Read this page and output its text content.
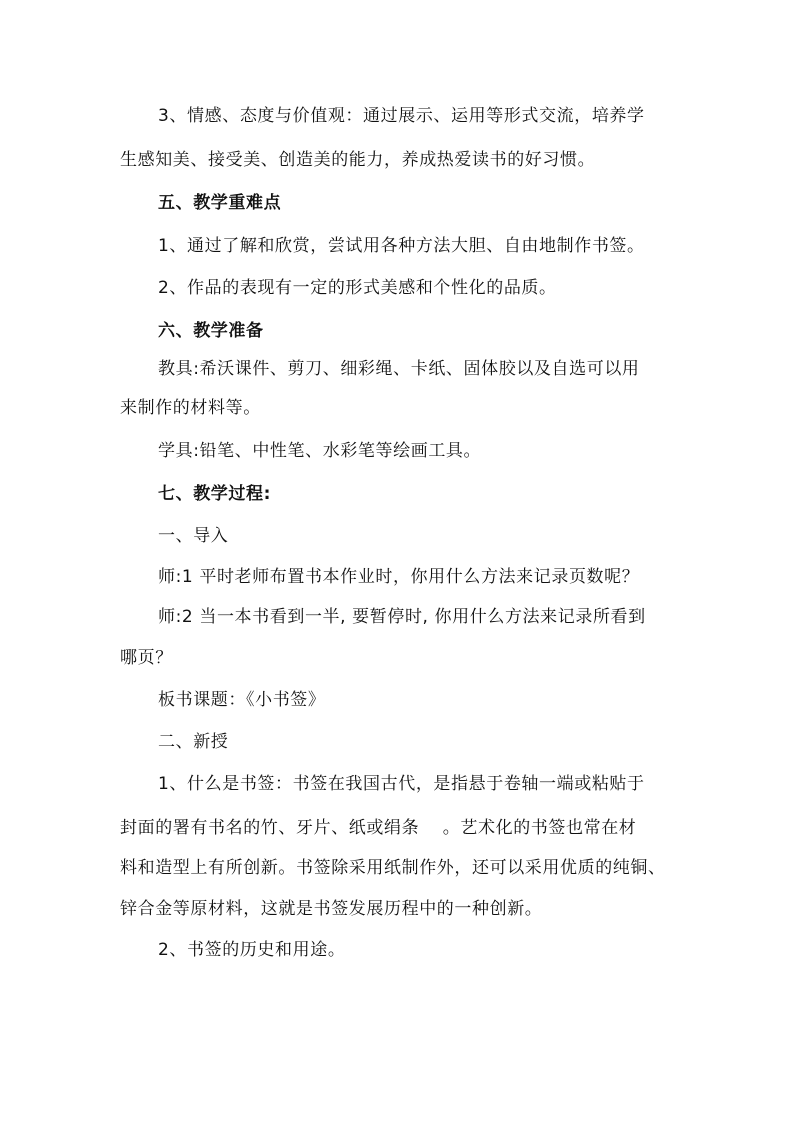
3、情感、态度与价值观：通过展示、运用等形式交流，培养学
生感知美、接受美、创造美的能力，养成热爱读书的好习惯。
五、教学重难点
1、通过了解和欣赏，尝试用各种方法大胆、自由地制作书签。
2、作品的表现有一定的形式美感和个性化的品质。
六、教学准备
教具:希沃课件、剪刀、细彩绳、卡纸、固体胶以及自选可以用
来制作的材料等。
学具:铅笔、中性笔、水彩笔等绘画工具。
七、教学过程:
一、导入
师:1 平时老师布置书本作业时，你用什么方法来记录页数呢？
师:2 当一本书看到一半, 要暂停时, 你用什么方法来记录所看到
哪页？
板书课题：《小书签》
二、新授
1、什么是书签：书签在我国古代，是指悬于卷轴一端或粘贴于
封面的署有书名的竹、牙片、纸或绢条　 。艺术化的书签也常在材
料和造型上有所创新。书签除采用纸制作外，还可以采用优质的纯铜、
锌合金等原材料，这就是书签发展历程中的一种创新。
2、书签的历史和用途。
